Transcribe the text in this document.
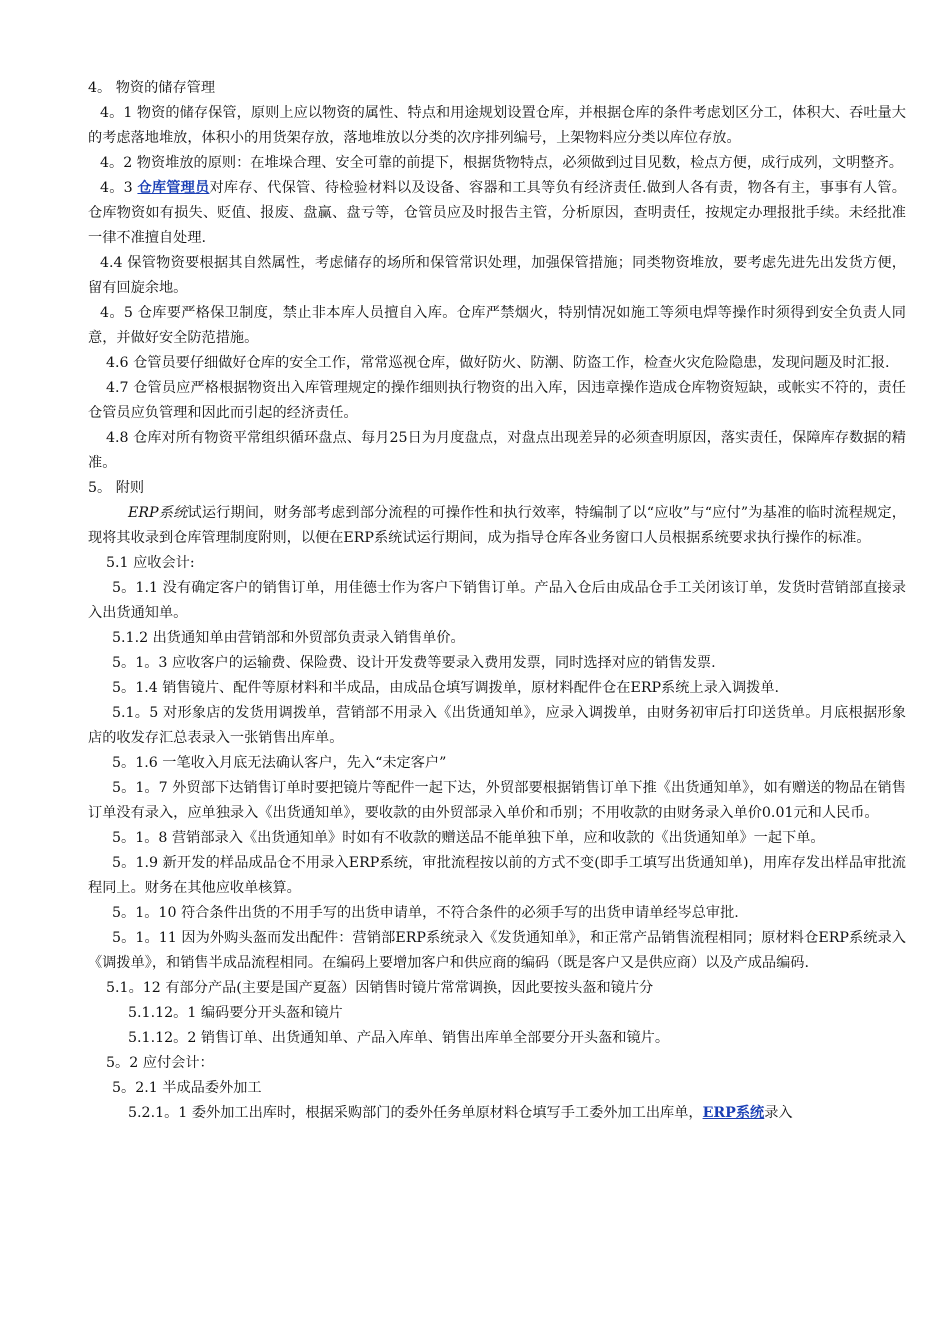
4。 物资的储存管理

4。1 物资的储存保管，原则上应以物资的属性、特点和用途规划设置仓库，并根据仓库的条件考虑划区分工，体积大、吞吐量大的考虑落地堆放，体积小的用货架存放，落地堆放以分类的次序排列编号，上架物料应分类以库位存放。

4。2 物资堆放的原则：在堆垛合理、安全可靠的前提下，根据货物特点，必须做到过目见数，检点方便，成行成列，文明整齐。

4。3 仓库管理员对库存、代保管、待检验材料以及设备、容器和工具等负有经济责任.做到人各有责，物各有主，事事有人管。仓库物资如有损失、贬值、报废、盘赢、盘亏等，仓管员应及时报告主管，分析原因，查明责任，按规定办理报批手续。未经批准一律不准擅自处理.

4.4 保管物资要根据其自然属性，考虑储存的场所和保管常识处理，加强保管措施；同类物资堆放，要考虑先进先出发货方便，留有回旋余地。

4。5 仓库要严格保卫制度，禁止非本库人员擅自入库。仓库严禁烟火，特别情况如施工等须电焊等操作时须得到安全负责人同意，并做好安全防范措施。

4.6 仓管员要仔细做好仓库的安全工作，常常巡视仓库，做好防火、防潮、防盗工作，检查火灾危险隐患，发现问题及时汇报.

4.7 仓管员应严格根据物资出入库管理规定的操作细则执行物资的出入库，因违章操作造成仓库物资短缺，或帐实不符的，责任仓管员应负管理和因此而引起的经济责任。

4.8 仓库对所有物资平常组织循环盘点、每月25日为月度盘点，对盘点出现差异的必须查明原因，落实责任，保障库存数据的精准。

5。 附则

ERP系统试运行期间，财务部考虑到部分流程的可操作性和执行效率，特编制了以“应收”与“应付”为基准的临时流程规定，现将其收录到仓库管理制度附则，以便在ERP系统试运行期间，成为指导仓库各业务窗口人员根据系统要求执行操作的标准。

5.1 应收会计:

5。1.1 没有确定客户的销售订单，用佳德士作为客户下销售订单。产品入仓后由成品仓手工关闭该订单，发货时营销部直接录入出货通知单。

5.1.2 出货通知单由营销部和外贸部负责录入销售单价。

5。1。3 应收客户的运输费、保险费、设计开发费等要录入费用发票，同时选择对应的销售发票.

5。1.4 销售镜片、配件等原材料和半成品，由成品仓填写调拨单，原材料配件仓在ERP系统上录入调拨单.

5.1。5 对形象店的发货用调拨单，营销部不用录入《出货通知单》，应录入调拨单，由财务初审后打印送货单。月底根据形象店的收发存汇总表录入一张销售出库单。

5。1.6 一笔收入月底无法确认客户，先入“未定客户”

5。1。7 外贸部下达销售订单时要把镜片等配件一起下达，外贸部要根据销售订单下推《出货通知单》，如有赠送的物品在销售订单没有录入，应单独录入《出货通知单》，要收款的由外贸部录入单价和币别；不用收款的由财务录入单价0.01元和人民币。

5。1。8 营销部录入《出货通知单》时如有不收款的赠送品不能单独下单，应和收款的《出货通知单》一起下单。

5。1.9 新开发的样品成品仓不用录入ERP系统，审批流程按以前的方式不变(即手工填写出货通知单)，用库存发出样品审批流程同上。财务在其他应收单核算。

5。1。10 符合条件出货的不用手写的出货申请单，不符合条件的必须手写的出货申请单经岑总审批.

5。1。11 因为外购头盔而发出配件：营销部ERP系统录入《发货通知单》，和正常产品销售流程相同；原材料仓ERP系统录入《调拨单》，和销售半成品流程相同。在编码上要增加客户和供应商的编码（既是客户又是供应商）以及产成品编码.

5.1。12 有部分产品(主要是国产夏盔）因销售时镜片常常调换，因此要按头盔和镜片分

5.1.12。1 编码要分开头盔和镜片

5.1.12。2 销售订单、出货通知单、产品入库单、销售出库单全部要分开头盔和镜片。

5。2 应付会计：

5。2.1 半成品委外加工

5.2.1。1 委外加工出库时，根据采购部门的委外任务单原材料仓填写手工委外加工出库单，ERP系统录入
